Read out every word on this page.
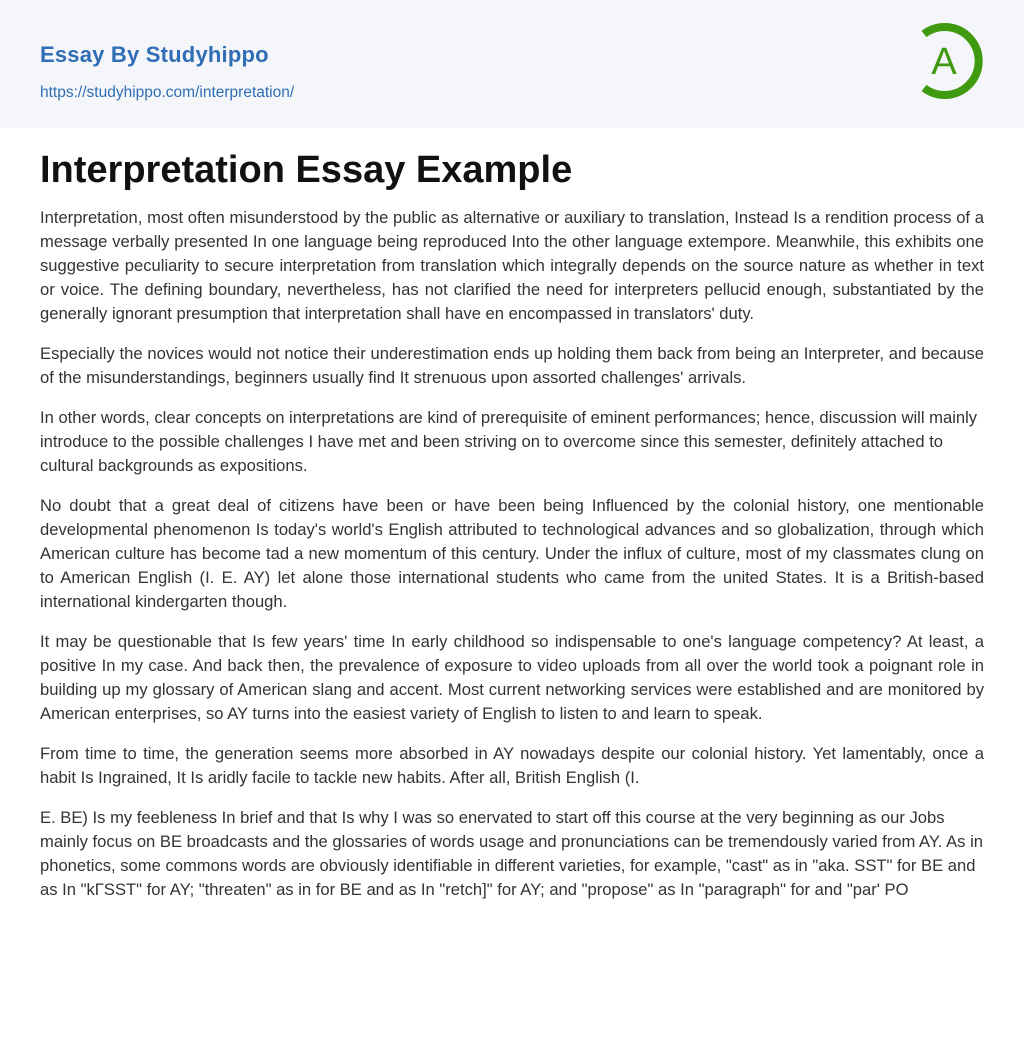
Essay By Studyhippo
https://studyhippo.com/interpretation/
A
Interpretation Essay Example

Interpretation, most often misunderstood by the public as alternative or auxiliary to translation, Instead Is a rendition process of a message verbally presented In one language being reproduced Into the other language extempore. Meanwhile, this exhibits one suggestive peculiarity to secure interpretation from translation which integrally depends on the source nature as whether in text or voice. The defining boundary, nevertheless, has not clarified the need for interpreters pellucid enough, substantiated by the generally ignorant presumption that interpretation shall have en encompassed in translators' duty.

Especially the novices would not notice their underestimation ends up holding them back from being an Interpreter, and because of the misunderstandings, beginners usually find It strenuous upon assorted challenges' arrivals.

In other words, clear concepts on interpretations are kind of prerequisite of eminent performances; hence, discussion will mainly introduce to the possible challenges I have met and been striving on to overcome since this semester, definitely attached to cultural backgrounds as expositions.

No doubt that a great deal of citizens have been or have been being Influenced by the colonial history, one mentionable developmental phenomenon Is today's world's English attributed to technological advances and so globalization, through which American culture has become tad a new momentum of this century. Under the influx of culture, most of my classmates clung on to American English (I. E. AY) let alone those international students who came from the united States. It is a British-based international kindergarten though.

It may be questionable that Is few years' time In early childhood so indispensable to one's language competency? At least, a positive In my case. And back then, the prevalence of exposure to video uploads from all over the world took a poignant role in building up my glossary of American slang and accent. Most current networking services were established and are monitored by American enterprises, so AY turns into the easiest variety of English to listen to and learn to speak.

From time to time, the generation seems more absorbed in AY nowadays despite our colonial history. Yet lamentably, once a habit Is Ingrained, It Is aridly facile to tackle new habits. After all, British English (I.

E. BE) Is my feebleness In brief and that Is why I was so enervated to start off this course at the very beginning as our Jobs mainly focus on BE broadcasts and the glossaries of words usage and pronunciations can be tremendously varied from AY. As in phonetics, some commons words are obviously identifiable in different varieties, for example, "cast" as in "aka. SST" for BE and as In "kΓSST" for AY; "threaten" as in for BE and as In "retch]" for AY; and "propose" as In "paragraph" for and "par' PO
